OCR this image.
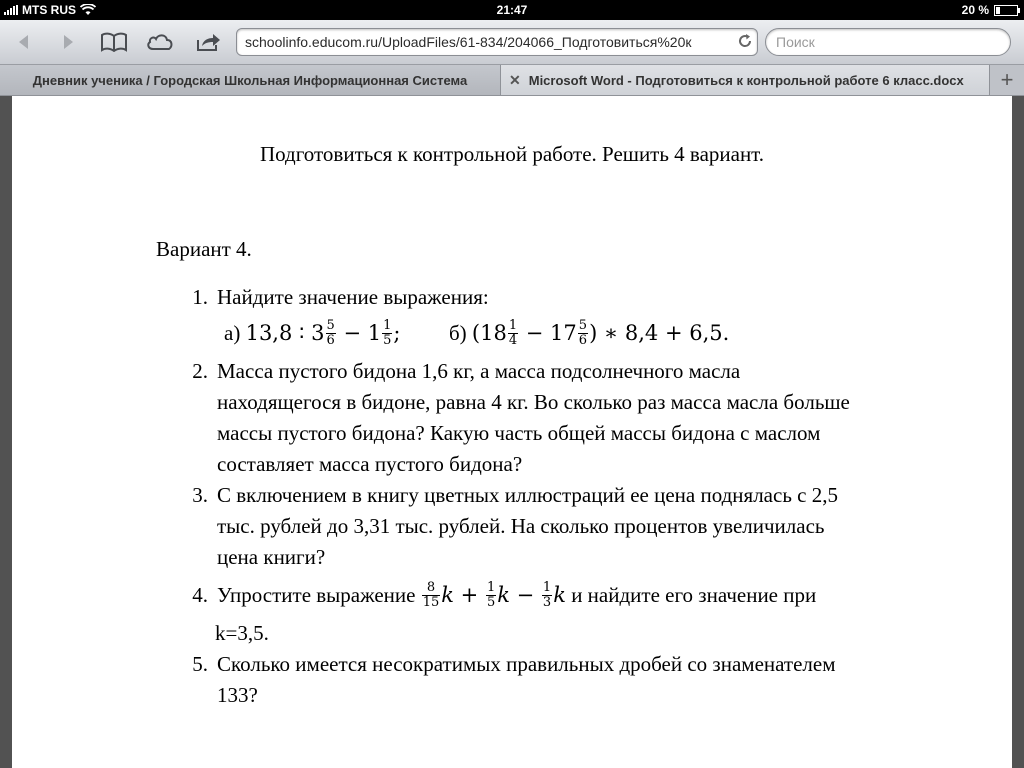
MTS RUS	21:47	20 %
schoolinfo.educom.ru/UploadFiles/61-834/204066_Подготовиться%20к	Поиск
Дневник ученика / Городская Школьная Информационная Система	✕ Microsoft Word - Подготовиться к контрольной работе 6 класс.docx	+
Подготовиться к контрольной работе. Решить 4 вариант.
Вариант 4.
1. Найдите значение выражения:
а) 13,8 ∶ $3 \frac{5}{6} - 1 \frac{1}{5}$ ; б) ($18 \frac{1}{4} - 17 \frac{5}{6}$ ) ∗ 8,4 + 6,5.
2. Масса пустого бидона 1,6 кг, а масса подсолнечного масла
находящегося в бидоне, равна 4 кг. Во сколько раз масса масла больше
массы пустого бидона? Какую часть общей массы бидона с маслом
составляет масса пустого бидона?
3. С включением в книгу цветных иллюстраций ее цена поднялась с 2,5
тыс. рублей до 3,31 тыс. рублей. На сколько процентов увеличилась
цена книги?
4. Упростите выражение $\frac{8}{15}$ $k + \frac{1}{5}$ $k - \frac{1}{3}$ k и найдите его значение при
k=3,5.
5. Сколько имеется несократимых правильных дробей со знаменателем
133?
